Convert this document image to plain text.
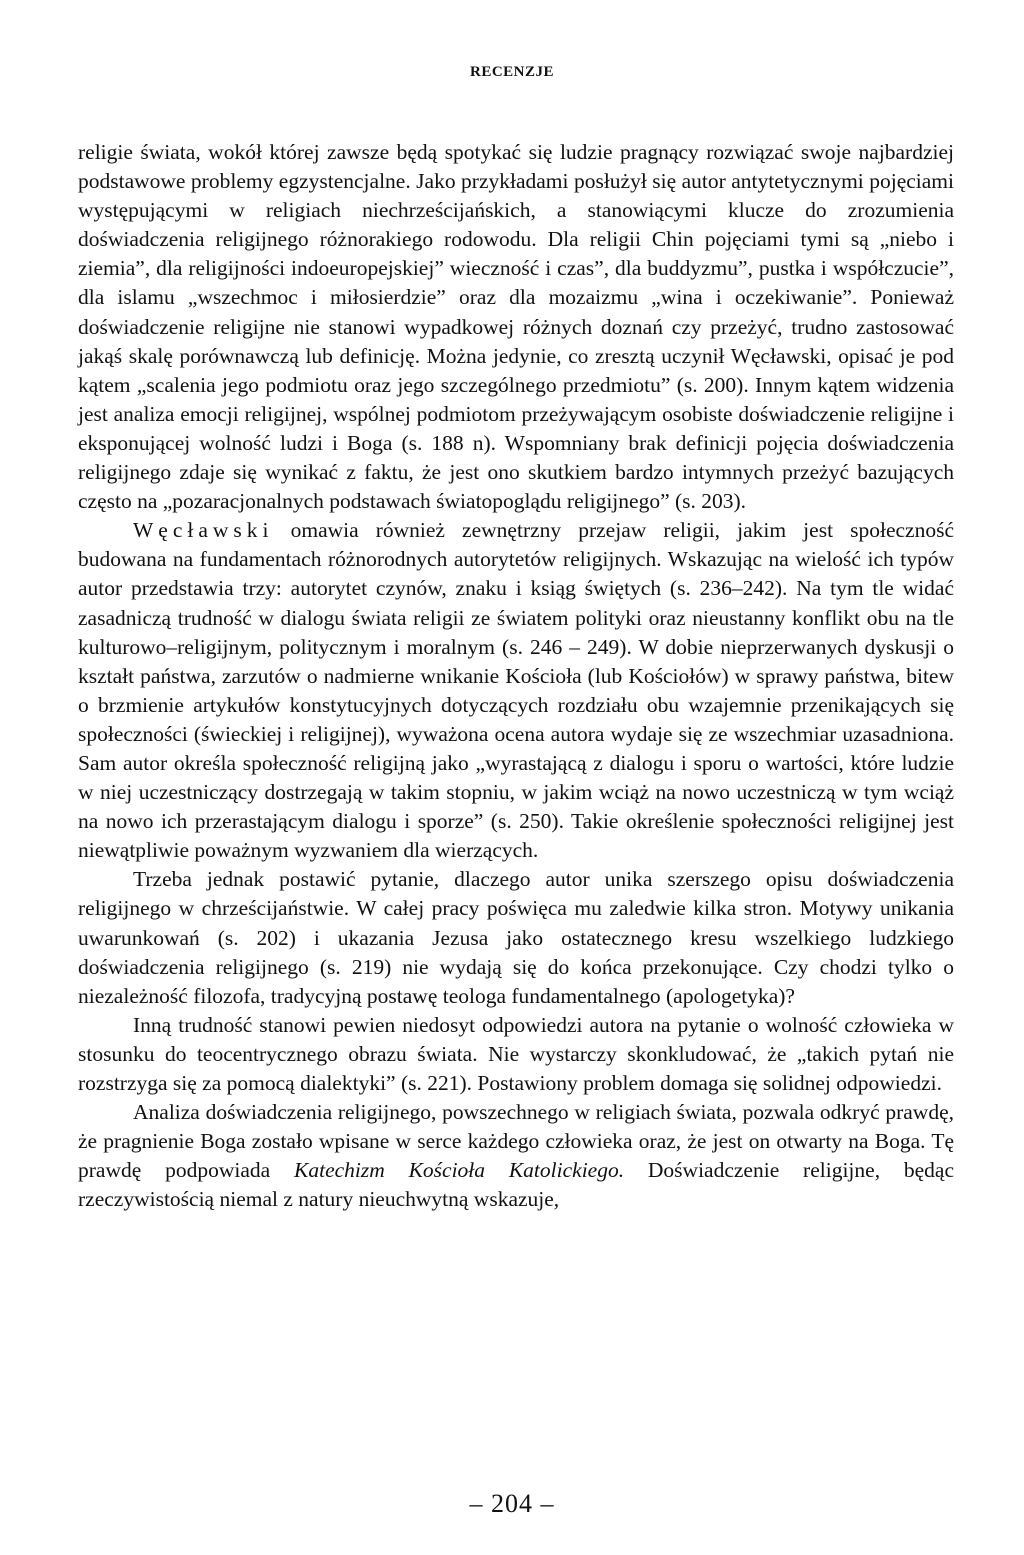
RECENZJE

religie świata, wokół której zawsze będą spotykać się ludzie pragnący rozwiązać swoje najbardziej podstawowe problemy egzystencjalne. Jako przykładami posłużył się autor antytetycznymi pojęciami występującymi w religiach niechrześcijańskich, a stanowiącymi klucze do zrozumienia doświadczenia religijnego różnorakiego rodowodu. Dla religii Chin pojęciami tymi są „niebo i ziemia”, dla religijności indoeuropejskiej” wieczność i czas”, dla buddyzmu”, pustka i współczucie”, dla islamu „wszechmoc i miłosierdzie” oraz dla mozaizmu „wina i oczekiwanie”. Ponieważ doświadczenie religijne nie stanowi wypadkowej różnych doznań czy przeżyć, trudno zastosować jakąś skalę porównawczą lub definicję. Można jedynie, co zresztą uczynił Węcławski, opisać je pod kątem „scalenia jego podmiotu oraz jego szczególnego przedmiotu” (s. 200). Innym kątem widzenia jest analiza emocji religijnej, wspólnej podmiotom przeżywającym osobiste doświadczenie religijne i eksponującej wolność ludzi i Boga (s. 188 n). Wspomniany brak definicji pojęcia doświadczenia religijnego zdaje się wynikać z faktu, że jest ono skutkiem bardzo intymnych przeżyć bazujących często na „pozaracjonalnych podstawach światopoglądu religijnego” (s. 203).

Węcławski omawia również zewnętrzny przejaw religii, jakim jest społeczność budowana na fundamentach różnorodnych autorytetów religijnych. Wskazując na wielość ich typów autor przedstawia trzy: autorytet czynów, znaku i ksiąg świętych (s. 236–242). Na tym tle widać zasadniczą trudność w dialogu świata religii ze światem polityki oraz nieustanny konflikt obu na tle kulturowo–religijnym, politycznym i moralnym (s. 246 – 249). W dobie nieprzerwanych dyskusji o kształt państwa, zarzutów o nadmierne wnikanie Kościoła (lub Kościołów) w sprawy państwa, bitew o brzmienie artykułów konstytucyjnych dotyczących rozdziału obu wzajemnie przenikających się społeczności (świeckiej i religijnej), wyważona ocena autora wydaje się ze wszechmiar uzasadniona. Sam autor określa społeczność religijną jako „wyrastającą z dialogu i sporu o wartości, które ludzie w niej uczestniczący dostrzegają w takim stopniu, w jakim wciąż na nowo uczestniczą w tym wciąż na nowo ich przerastającym dialogu i sporze” (s. 250). Takie określenie społeczności religijnej jest niewątpliwie poważnym wyzwaniem dla wierzących.

Trzeba jednak postawić pytanie, dlaczego autor unika szerszego opisu doświadczenia religijnego w chrześcijaństwie. W całej pracy poświęca mu zaledwie kilka stron. Motywy unikania uwarunkowań (s. 202) i ukazania Jezusa jako ostatecznego kresu wszelkiego ludzkiego doświadczenia religijnego (s. 219) nie wydają się do końca przekonujące. Czy chodzi tylko o niezależność filozofa, tradycyjną postawę teologa fundamentalnego (apologetyka)?

Inną trudność stanowi pewien niedosyt odpowiedzi autora na pytanie o wolność człowieka w stosunku do teocentrycznego obrazu świata. Nie wystarczy skonkludować, że „takich pytań nie rozstrzyga się za pomocą dialektyki” (s. 221). Postawiony problem domaga się solidnej odpowiedzi.

Analiza doświadczenia religijnego, powszechnego w religiach świata, pozwala odkryć prawdę, że pragnienie Boga zostało wpisane w serce każdego człowieka oraz, że jest on otwarty na Boga. Tę prawdę podpowiada Katechizm Kościoła Katolickiego. Doświadczenie religijne, będąc rzeczywistością niemal z natury nieuchwytną wskazuje,

– 204 –
